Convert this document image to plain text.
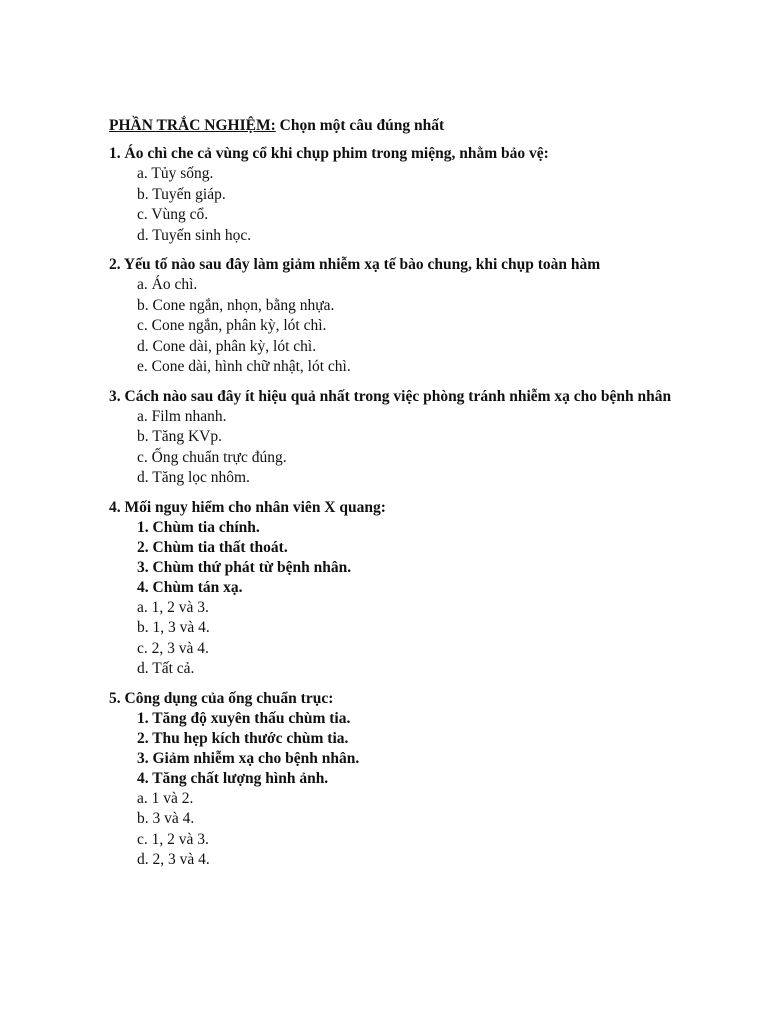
PHẦN TRẮC NGHIỆM: Chọn một câu đúng nhất
1. Áo chì che cả vùng cổ khi chụp phim trong miệng, nhằm bảo vệ:
a. Tủy sống.
b. Tuyến giáp.
c. Vùng cổ.
d. Tuyến sinh học.
2. Yếu tố nào sau đây làm giảm nhiễm xạ tế bào chung, khi chụp toàn hàm
a. Áo chì.
b. Cone ngắn, nhọn, bằng nhựa.
c. Cone ngắn, phân kỳ, lót chì.
d. Cone dài, phân kỳ, lót chì.
e. Cone dài, hình chữ nhật, lót chì.
3. Cách nào sau đây ít hiệu quả nhất trong việc phòng tránh nhiễm xạ cho bệnh nhân
a. Film nhanh.
b. Tăng KVp.
c. Ống chuẩn trực đúng.
d. Tăng lọc nhôm.
4. Mối nguy hiểm cho nhân viên X quang:
1. Chùm tia chính.
2. Chùm tia thất thoát.
3. Chùm thứ phát từ bệnh nhân.
4. Chùm tán xạ.
a. 1, 2 và 3.
b. 1, 3 và 4.
c. 2, 3 và 4.
d. Tất cả.
5. Công dụng của ống chuẩn trục:
1. Tăng độ xuyên thấu chùm tia.
2. Thu hẹp kích thước chùm tia.
3. Giảm nhiễm xạ cho bệnh nhân.
4. Tăng chất lượng hình ảnh.
a. 1 và 2.
b. 3 và 4.
c. 1, 2 và 3.
d. 2, 3 và 4.
